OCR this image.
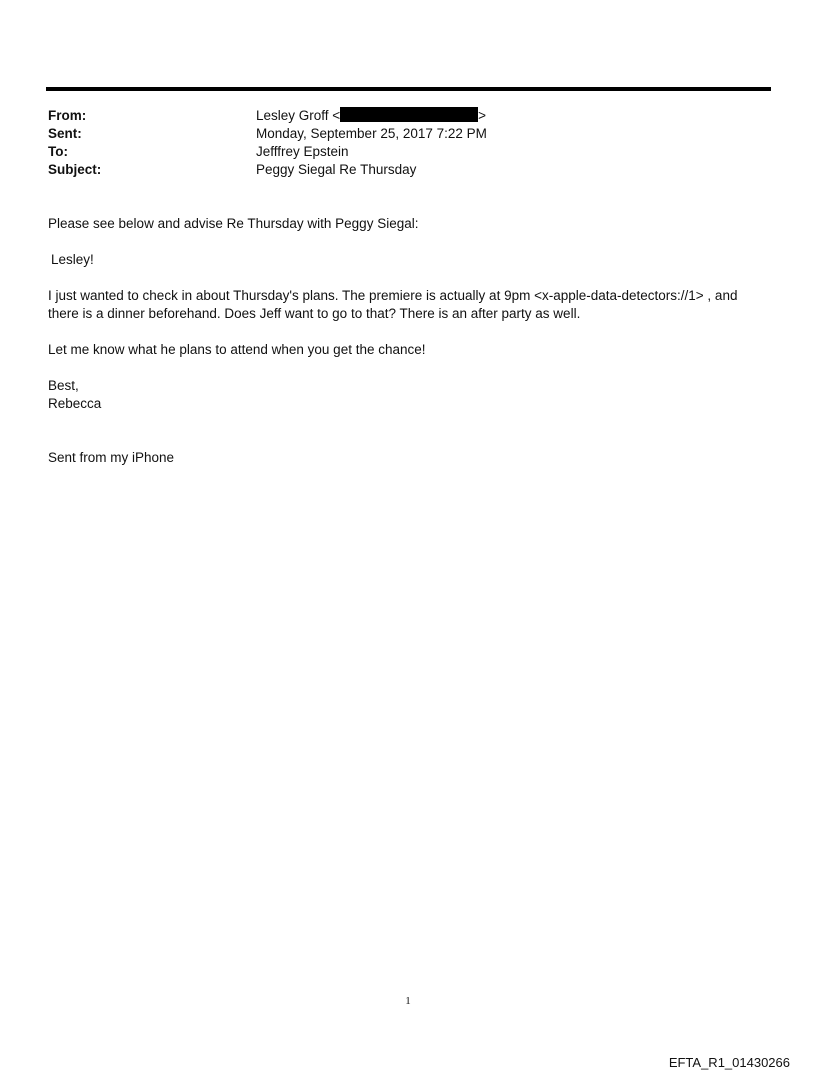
From:	Lesley Groff <	>
Sent:	Monday, September 25, 2017 7:22 PM
To:	Jefffrey Epstein
Subject:	Peggy Siegal Re Thursday

Please see below and advise Re Thursday with Peggy Siegal:

Lesley!

I just wanted to check in about Thursday's plans. The premiere is actually at 9pm <x-apple-data-detectors://1> , and there is a dinner beforehand. Does Jeff want to go to that? There is an after party as well.

Let me know what he plans to attend when you get the chance!

Best,

Rebecca

Sent from my iPhone

1
EFTA_R1_01430266
